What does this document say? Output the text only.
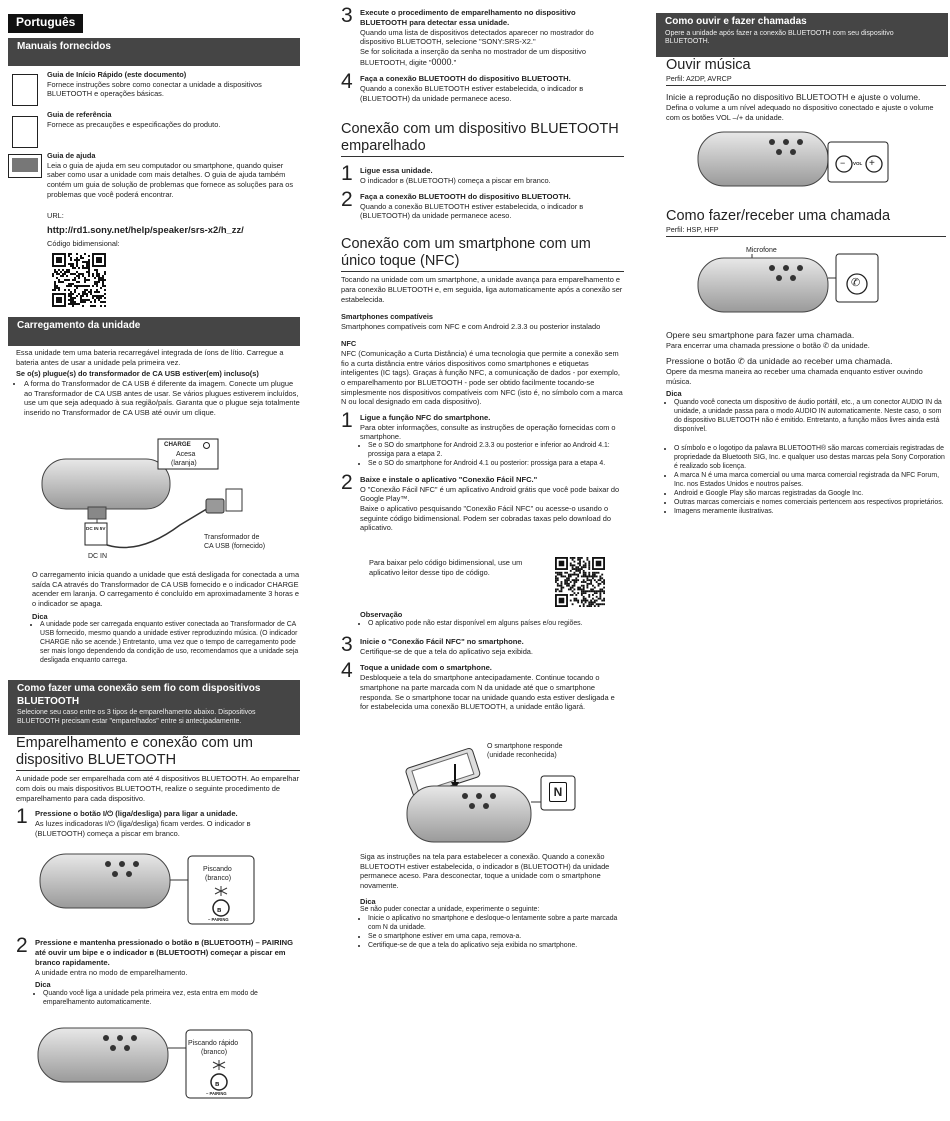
Português
Manuais fornecidos

Guia de Início Rápido (este documento)

Fornece instruções sobre como conectar a unidade a dispositivos BLUETOOTH e operações básicas.

Guia de referência

Fornece as precauções e especificações do produto.

Guia de ajuda

Leia o guia de ajuda em seu computador ou smartphone, quando quiser saber como usar a unidade com mais detalhes. O guia de ajuda também contém um guia de solução de problemas que fornece as soluções para os problemas que você poderá encontrar.

URL:

http://rd1.sony.net/help/speaker/srs-x2/h_zz/

Código bidimensional:

Carregamento da unidade

Essa unidade tem uma bateria recarregável integrada de íons de lítio. Carregue a bateria antes de usar a unidade pela primeira vez.

Se o(s) plugue(s) do transformador de CA USB estiver(em) incluso(s)

• A forma do Transformador de CA USB é diferente da imagem. Conecte um plugue ao Transformador de CA USB antes de usar. Se vários plugues estiverem incluídos, use um que seja adequado à sua região/país. Garanta que o plugue seja totalmente inserido no Transformador de CA USB até ouvir um clique.
CHARGE
Acesa
(laranja)
DC IN 5V
DC IN
Transformador de
CA USB (fornecido)

O carregamento inicia quando a unidade que está desligada for conectada a uma saída CA através do Transformador de CA USB fornecido e o indicador CHARGE acender em laranja. O carregamento é concluído em aproximadamente 3 horas e o indicador se apaga.

Dica

• A unidade pode ser carregada enquanto estiver conectada ao Transformador de CA USB fornecido, mesmo quando a unidade estiver reproduzindo música. (O indicador CHARGE não se acende.) Entretanto, uma vez que o tempo de carregamento pode ser mais longo dependendo da condição de uso, recomendamos que a unidade seja desligada enquanto carrega.
Como fazer uma conexão sem fio com dispositivos BLUETOOTH

Selecione seu caso entre os 3 tipos de emparelhamento abaixo. Dispositivos BLUETOOTH precisam estar "emparelhados" entre si antecipadamente.

Emparelhamento e conexão com um dispositivo BLUETOOTH

A unidade pode ser emparelhada com até 4 dispositivos BLUETOOTH. Ao emparelhar com dois ou mais dispositivos BLUETOOTH, realize o seguinte procedimento de emparelhamento para cada dispositivo.

1 Pressione o botão I/⏻ (liga/desliga) para ligar a unidade.

As luzes indicadoras I/⏻ (liga/desliga) ficam verdes. O indicador ʙ (BLUETOOTH) começa a piscar em branco.

Piscando
(branco)
ʙ
– PAIRING
2 Pressione e mantenha pressionado o botão ʙ (BLUETOOTH) – PAIRING até ouvir um bipe e o indicador ʙ (BLUETOOTH) começar a piscar em branco rapidamente.

A unidade entra no modo de emparelhamento.

Dica

• Quando você liga a unidade pela primeira vez, esta entra em modo de emparelhamento automaticamente.
Piscando rápido
(branco)
ʙ
– PAIRING
3 Execute o procedimento de emparelhamento no dispositivo BLUETOOTH para detectar essa unidade.

Quando uma lista de dispositivos detectados aparecer no mostrador do dispositivo BLUETOOTH, selecione "SONY:SRS-X2."

Se for solicitada a inserção da senha no mostrador de um dispositivo BLUETOOTH, digite "0000."

4 Faça a conexão BLUETOOTH do dispositivo BLUETOOTH.

Quando a conexão BLUETOOTH estiver estabelecida, o indicador ʙ (BLUETOOTH) da unidade permanece aceso.

Conexão com um dispositivo BLUETOOTH emparelhado

1 Ligue essa unidade.

O indicador ʙ (BLUETOOTH) começa a piscar em branco.

2 Faça a conexão BLUETOOTH do dispositivo BLUETOOTH.

Quando a conexão BLUETOOTH estiver estabelecida, o indicador ʙ (BLUETOOTH) da unidade permanece aceso.

Conexão com um smartphone com um único toque (NFC)

Tocando na unidade com um smartphone, a unidade avança para emparelhamento e para conexão BLUETOOTH e, em seguida, liga automaticamente após a conexão ser estabelecida.

Smartphones compatíveis

Smartphones compatíveis com NFC e com Android 2.3.3 ou posterior instalado

NFC

NFC (Comunicação a Curta Distância) é uma tecnologia que permite a conexão sem fio a curta distância entre vários dispositivos como smartphones e etiquetas inteligentes (IC tags). Graças à função NFC, a comunicação de dados - por exemplo, o emparelhamento por BLUETOOTH - pode ser obtido facilmente tocando-se simplesmente nos dispositivos compatíveis com NFC (isto é, no símbolo com a marca N ou local designado em cada dispositivo).

1 Ligue a função NFC do smartphone.

Para obter informações, consulte as instruções de operação fornecidas com o smartphone.

• Se o SO do smartphone for Android 2.3.3 ou posterior e inferior ao Android 4.1: prossiga para a etapa 2.
• Se o SO do smartphone for Android 4.1 ou posterior: prossiga para a etapa 4.
2 Baixe e instale o aplicativo "Conexão Fácil NFC."

O "Conexão Fácil NFC" é um aplicativo Android grátis que você pode baixar do Google Play™.

Baixe o aplicativo pesquisando "Conexão Fácil NFC" ou acesse-o usando o seguinte código bidimensional. Podem ser cobradas taxas pelo download do aplicativo.

Para baixar pelo código bidimensional, use um aplicativo leitor desse tipo de código.

Observação

• O aplicativo pode não estar disponível em alguns países e/ou regiões.
3 Inicie o "Conexão Fácil NFC" no smartphone.

Certifique-se de que a tela do aplicativo seja exibida.

4 Toque a unidade com o smartphone.

Desbloqueie a tela do smartphone antecipadamente. Continue tocando o smartphone na parte marcada com N da unidade até que o smartphone responda. Se o smartphone tocar na unidade quando esta estiver desligada e for estabelecida uma conexão BLUETOOTH, a unidade então ligará.

O smartphone responde
(unidade reconhecida)
N

Siga as instruções na tela para estabelecer a conexão. Quando a conexão BLUETOOTH estiver estabelecida, o indicador ʙ (BLUETOOTH) da unidade permanece aceso. Para desconectar, toque a unidade com o smartphone novamente.

Dica

Se não puder conectar a unidade, experimente o seguinte:

• Inicie o aplicativo no smartphone e desloque-o lentamente sobre a parte marcada com N da unidade.
• Se o smartphone estiver em uma capa, remova-a.
• Certifique-se de que a tela do aplicativo seja exibida no smartphone.
Como ouvir e fazer chamadas

Opere a unidade após fazer a conexão BLUETOOTH com seu dispositivo BLUETOOTH.

Ouvir música

Perfil: A2DP, AVRCP

Inicie a reprodução no dispositivo BLUETOOTH e ajuste o volume.

Defina o volume a um nível adequado no dispositivo conectado e ajuste o volume com os botões VOL –/+ da unidade.

− +
VOL

Como fazer/receber uma chamada

Perfil: HSP, HFP

Microfone
✆

Opere seu smartphone para fazer uma chamada.

Para encerrar uma chamada pressione o botão ✆ da unidade.

Pressione o botão ✆ da unidade ao receber uma chamada.

Opere da mesma maneira ao receber uma chamada enquanto estiver ouvindo música.

Dica

• Quando você conecta um dispositivo de áudio portátil, etc., a um conector AUDIO IN da unidade, a unidade passa para o modo AUDIO IN automaticamente. Neste caso, o som do dispositivo BLUETOOTH não é emitido. Entretanto, a função mãos livres ainda está disponível.
• O símbolo e o logotipo da palavra BLUETOOTH® são marcas comerciais registradas de propriedade da Bluetooth SIG, Inc. e qualquer uso destas marcas pela Sony Corporation é realizado sob licença.
• A marca N é uma marca comercial ou uma marca comercial registrada da NFC Forum, Inc. nos Estados Unidos e noutros países.
• Android e Google Play são marcas registradas da Google Inc.
• Outras marcas comerciais e nomes comerciais pertencem aos respectivos proprietários.
• Imagens meramente ilustrativas.
